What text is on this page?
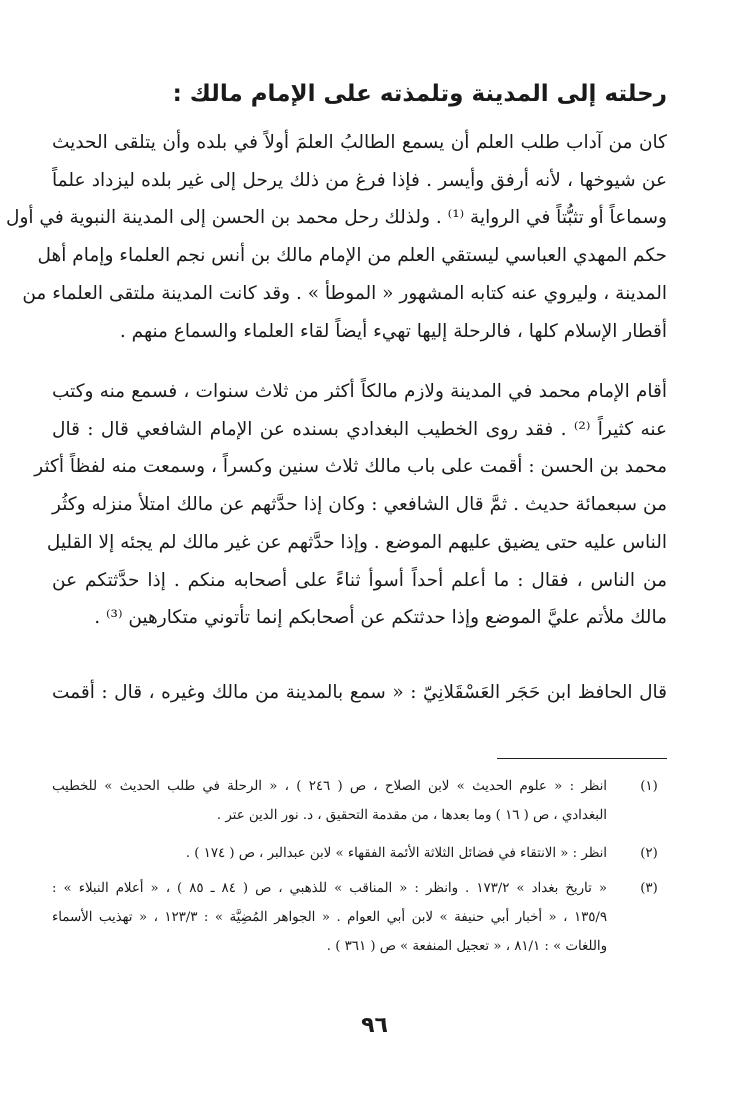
رحلته إلى المدينة وتلمذته على الإمام مالك :
كان من آداب طلب العلم أن يسمع الطالبُ العلمَ أولاً في بلده وأن يتلقى الحديث
عن شيوخها ، لأنه أرفق وأيسر . فإذا فرغ من ذلك يرحل إلى غير بلده ليزداد علماً
وسماعاً أو تثبُّتاً في الرواية ⁽¹⁾ . ولذلك رحل محمد بن الحسن إلى المدينة النبوية في أول
حكم المهدي العباسي ليستقي العلم من الإمام مالك بن أنس نجم العلماء وإمام أهل
المدينة ، وليروي عنه كتابه المشهور « الموطأ » . وقد كانت المدينة ملتقى العلماء من
أقطار الإسلام كلها ، فالرحلة إليها تهيء أيضاً لقاء العلماء والسماع منهم .
أقام الإمام محمد في المدينة ولازم مالكاً أكثر من ثلاث سنوات ، فسمع منه وكتب
عنه كثيراً ⁽²⁾ . فقد روى الخطيب البغدادي بسنده عن الإمام الشافعي قال : قال
محمد بن الحسن : أقمت على باب مالك ثلاث سنين وكسراً ، وسمعت منه لفظاً أكثر
من سبعمائة حديث . ثمَّ قال الشافعي : وكان إذا حدَّثهم عن مالك امتلأ منزله وكثُر
الناس عليه حتى يضيق عليهم الموضع . وإذا حدَّثهم عن غير مالك لم يجئه إلا القليل
من الناس ، فقال : ما أعلم أحداً أسوأ ثناءً على أصحابه منكم . إذا حدَّثتكم عن
مالك ملأتم عليَّ الموضع وإذا حدثتكم عن أصحابكم إنما تأتوني متكارهين ⁽³⁾ .
قال الحافظ ابن حَجَر العَسْقَلانِيّ : « سمع بالمدينة من مالك وغيره ، قال : أقمت
(١)
انظر : « علوم الحديث » لابن الصلاح ، ص ( ٢٤٦ ) ، « الرحلة في طلب الحديث » للخطيب
البغدادي ، ص ( ١٦ ) وما بعدها ، من مقدمة التحقيق ، د. نور الدين عتر .
(٢)
انظر : « الانتقاء في فضائل الثلاثة الأئمة الفقهاء » لابن عبدالبر ، ص ( ١٧٤ ) .
(٣)
« تاريخ بغداد » ١٧٣/٢ . وانظر : « المناقب » للذهبي ، ص ( ٨٤ ـ ٨٥ ) ، « أعلام النبلاء » :
١٣٥/٩ ، « أخبار أبي حنيفة » لابن أبي العوام . « الجواهر المُضِيَّة » : ١٢٣/٣ ، « تهذيب الأسماء
واللغات » : ٨١/١ ، « تعجيل المنفعة » ص ( ٣٦١ ) .
٩٦
